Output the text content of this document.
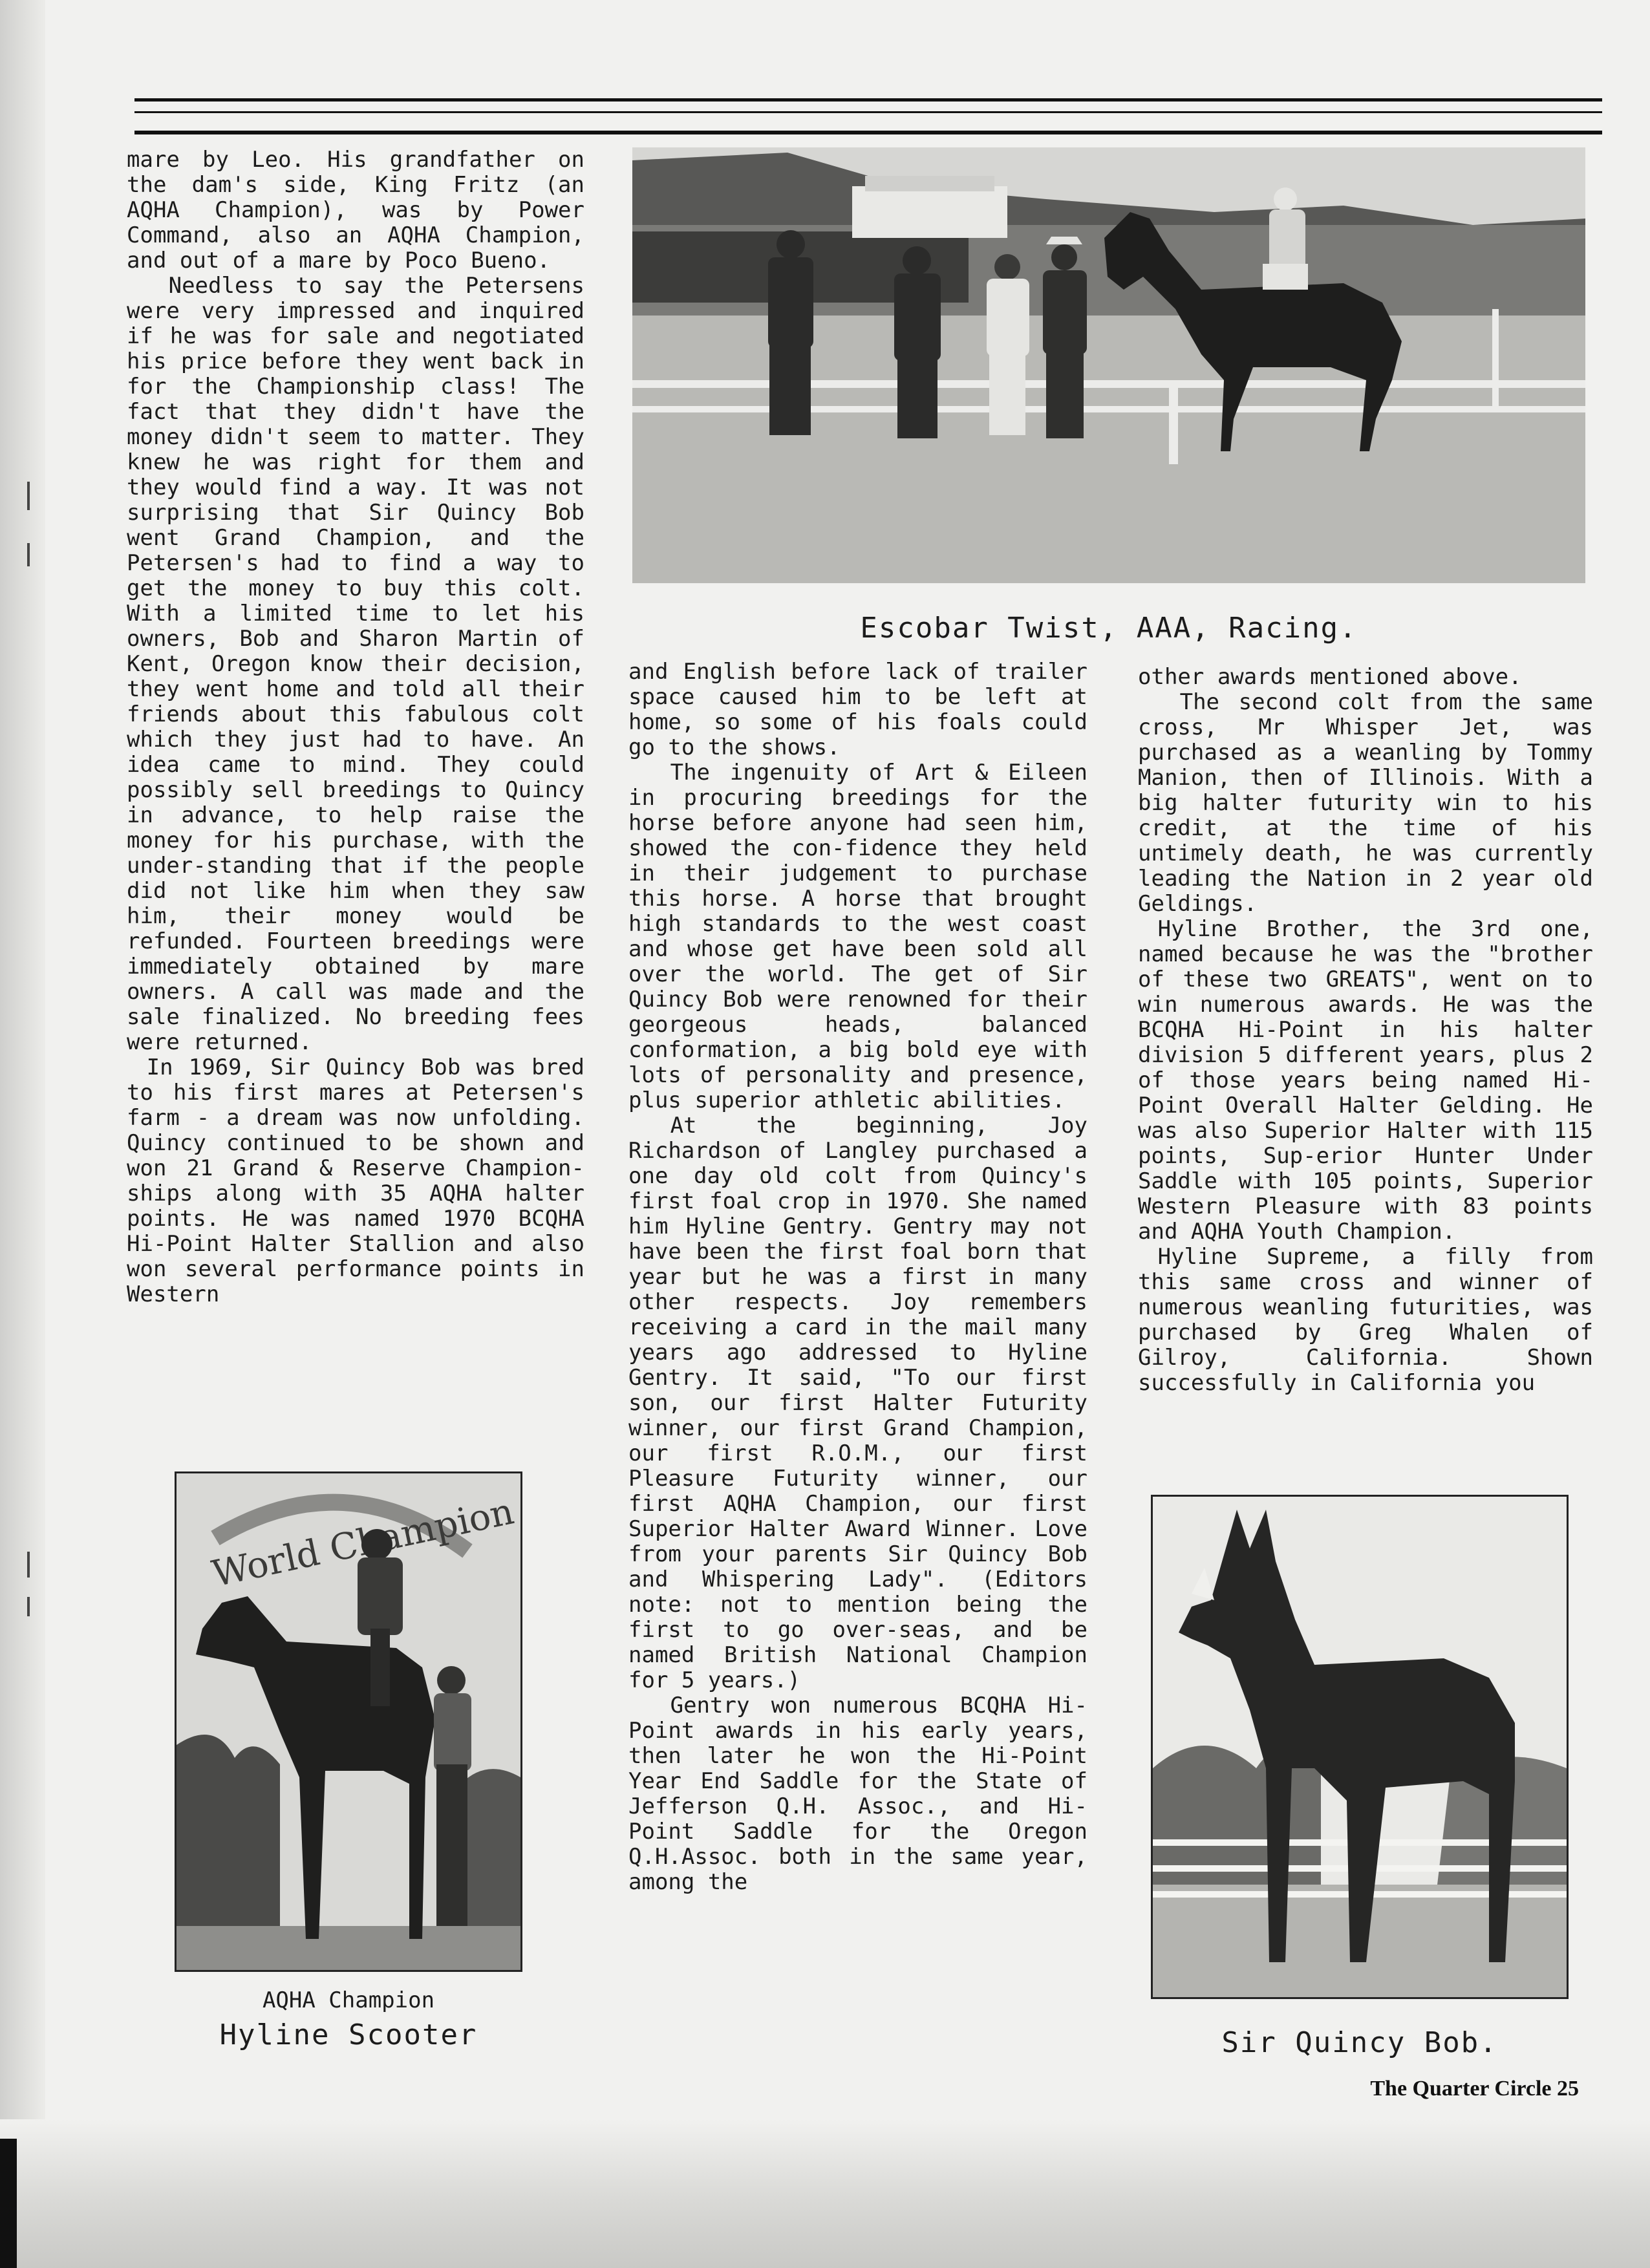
mare by Leo. His grandfather on the dam's side, King Fritz (an AQHA Champion), was by Power Command, also an AQHA Champion, and out of a mare by Poco Bueno.

Needless to say the Petersens were very impressed and inquired if he was for sale and negotiated his price before they went back in for the Championship class! The fact that they didn't have the money didn't seem to matter. They knew he was right for them and they would find a way. It was not surprising that Sir Quincy Bob went Grand Champion, and the Petersen's had to find a way to get the money to buy this colt. With a limited time to let his owners, Bob and Sharon Martin of Kent, Oregon know their decision, they went home and told all their friends about this fabulous colt which they just had to have. An idea came to mind. They could possibly sell breedings to Quincy in advance, to help raise the money for his purchase, with the under-standing that if the people did not like him when they saw him, their money would be refunded. Fourteen breedings were immediately obtained by mare owners. A call was made and the sale finalized. No breeding fees were returned.

In 1969, Sir Quincy Bob was bred to his first mares at Petersen's farm - a dream was now unfolding. Quincy continued to be shown and won 21 Grand & Reserve Champion-ships along with 35 AQHA halter points. He was named 1970 BCQHA Hi-Point Halter Stallion and also won several performance points in Western

Escobar Twist, AAA, Racing.

and English before lack of trailer space caused him to be left at home, so some of his foals could go to the shows.

The ingenuity of Art & Eileen in procuring breedings for the horse before anyone had seen him, showed the con-fidence they held in their judgement to purchase this horse. A horse that brought high standards to the west coast and whose get have been sold all over the world. The get of Sir Quincy Bob were renowned for their georgeous heads, balanced conformation, a big bold eye with lots of personality and presence, plus superior athletic abilities.

At the beginning, Joy Richardson of Langley purchased a one day old colt from Quincy's first foal crop in 1970. She named him Hyline Gentry. Gentry may not have been the first foal born that year but he was a first in many other respects. Joy remembers receiving a card in the mail many years ago addressed to Hyline Gentry. It said, "To our first son, our first Halter Futurity winner, our first Grand Champion, our first R.O.M., our first Pleasure Futurity winner, our first AQHA Champion, our first Superior Halter Award Winner. Love from your parents Sir Quincy Bob and Whispering Lady". (Editors note: not to mention being the first to go over-seas, and be named British National Champion for 5 years.)

Gentry won numerous BCQHA Hi-Point awards in his early years, then later he won the Hi-Point Year End Saddle for the State of Jefferson Q.H. Assoc., and Hi-Point Saddle for the Oregon Q.H.Assoc. both in the same year, among the

other awards mentioned above.

The second colt from the same cross, Mr Whisper Jet, was purchased as a weanling by Tommy Manion, then of Illinois. With a big halter futurity win to his credit, at the time of his untimely death, he was currently leading the Nation in 2 year old Geldings.

Hyline Brother, the 3rd one, named because he was the "brother of these two GREATS", went on to win numerous awards. He was the BCQHA Hi-Point in his halter division 5 different years, plus 2 of those years being named Hi-Point Overall Halter Gelding. He was also Superior Halter with 115 points, Sup-erior Hunter Under Saddle with 105 points, Superior Western Pleasure with 83 points and AQHA Youth Champion.

Hyline Supreme, a filly from this same cross and winner of numerous weanling futurities, was purchased by Greg Whalen of Gilroy, California. Shown successfully in California you

World Champion
AQHA Champion
Hyline Scooter	Sir Quincy Bob.
The Quarter Circle 25
